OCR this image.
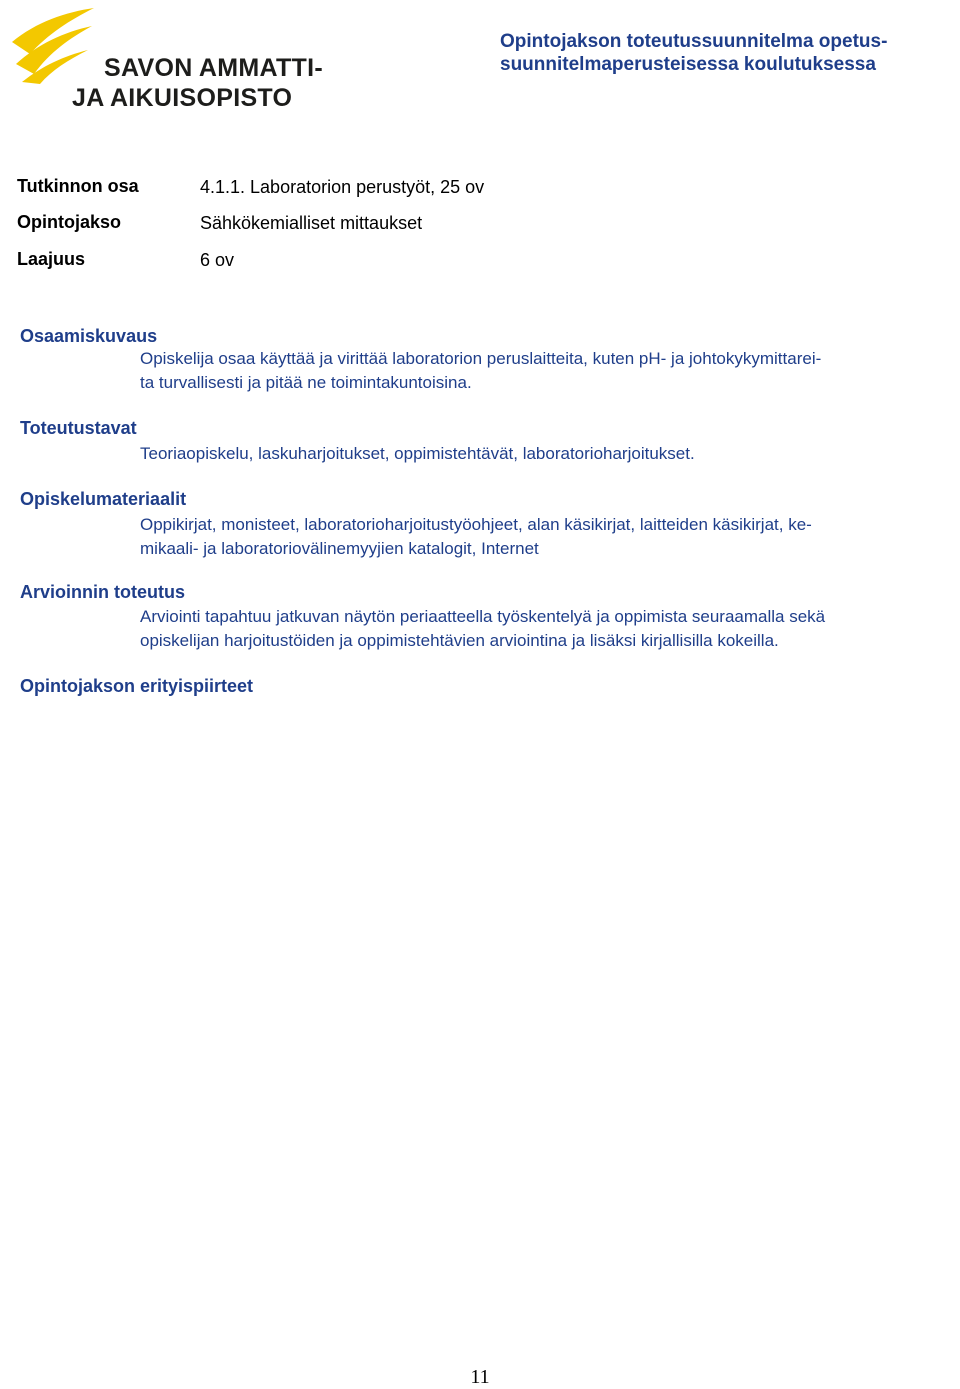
SAVON AMMATTI-
JA AIKUISOPISTO
Opintojakson toteutussuunnitelma opetus-
suunnitelmaperusteisessa koulutuksessa
Tutkinnon osa	4.1.1. Laboratorion perustyöt, 25 ov
Opintojakso	Sähkökemialliset mittaukset
Laajuus	6 ov
Osaamiskuvaus
Opiskelija osaa käyttää ja virittää laboratorion peruslaitteita, kuten pH- ja johtokykymittarei-
ta turvallisesti ja pitää ne toimintakuntoisina.
Toteutustavat
Teoriaopiskelu, laskuharjoitukset, oppimistehtävät, laboratorioharjoitukset.
Opiskelumateriaalit
Oppikirjat, monisteet, laboratorioharjoitustyöohjeet, alan käsikirjat, laitteiden käsikirjat, ke-
mikaali- ja laboratoriovälinemyyjien katalogit, Internet
Arvioinnin toteutus
Arviointi tapahtuu jatkuvan näytön periaatteella työskentelyä ja oppimista seuraamalla sekä
opiskelijan harjoitustöiden ja oppimistehtävien arviointina ja lisäksi kirjallisilla kokeilla.
Opintojakson erityispiirteet
11
